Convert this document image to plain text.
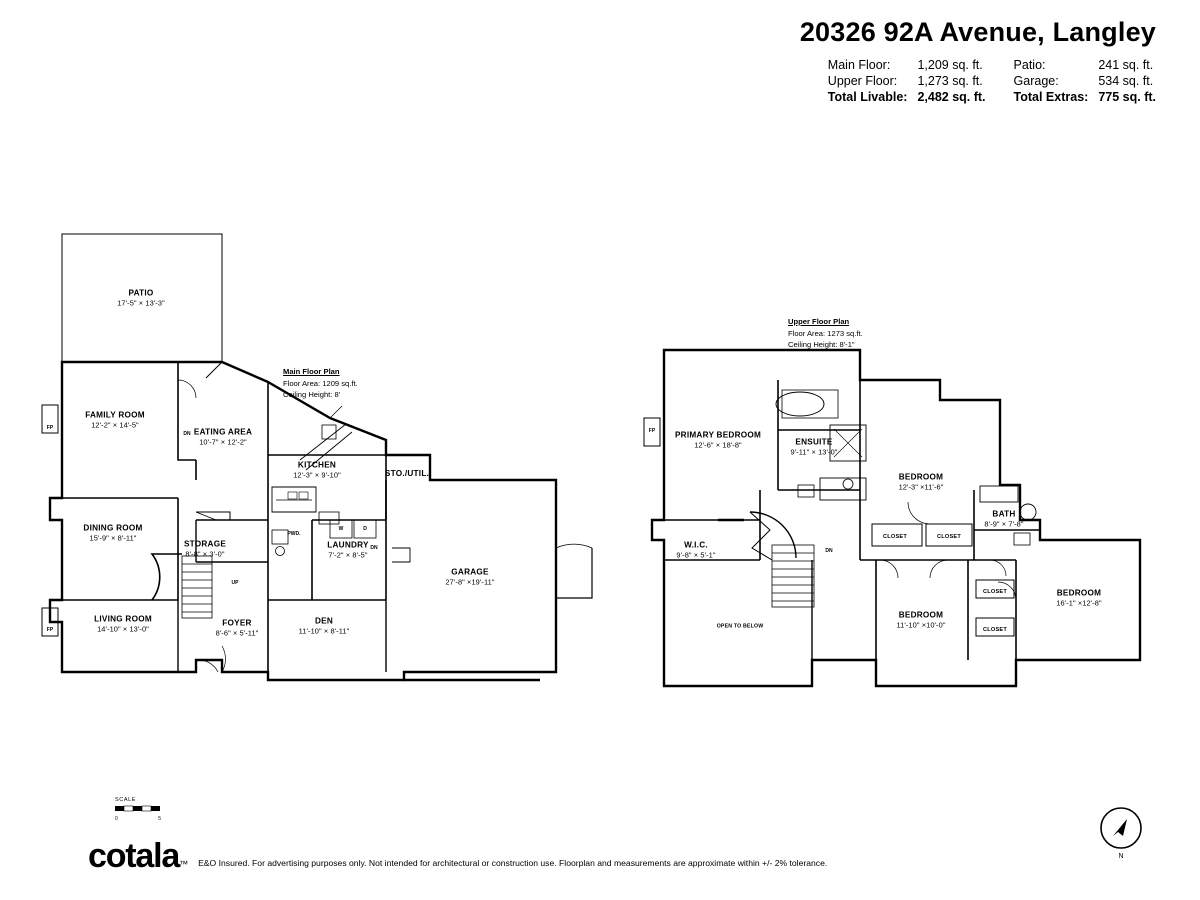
20326 92A Avenue, Langley
Main Floor:	1,209 sq. ft.
Upper Floor:	1,273 sq. ft.
Total Livable: 2,482 sq. ft.
Patio:	241 sq. ft.
Garage:	534 sq. ft.
Total Extras: 775 sq. ft.
Main Floor Plan
Floor Area: 1209 sq.ft.
Ceiling Height: 8'
PATIO
17'-5" × 13'-3"
FAMILY ROOM
12'-2" × 14'-5"
EATING AREA
10'-7" × 12'-2"
KITCHEN
12'-3" × 9'-10"	STO./UTIL.
DINING ROOM
15'-9" × 8'-11"
STORAGE
8'-8" × 3'-0"
LAUNDRY
7'-2" × 8'-5"
GARAGE
27'-8" ×19'-11"
LIVING ROOM
14'-10" × 13'-0"
FOYER
8'-6" × 5'-11"
DEN
11'-10" × 8'-11"
FP
FP
PWD.
W	D
DN
DN
UP
Upper Floor Plan
Floor Area: 1273 sq.ft.
Ceiling Height: 8'-1"
PRIMARY BEDROOM
12'-6" × 18'-8"	ENSUITE
9'-11" × 13'-0"
BEDROOM
12'-3" ×11'-6"
BATH
8'-9" × 7'-8"
W.I.C.
9'-8" × 5'-1"
BEDROOM
11'-10" ×10'-0"
BEDROOM
16'-1" ×12'-8"
OPEN TO BELOW
FP
CLOSET	CLOSET
CLOSET
CLOSET
DN
SCALE
0	5
cotala™ E&O Insured. For advertising purposes only. Not intended for architectural or construction use. Floorplan and measurements are approximate within +/- 2% tolerance.
N
